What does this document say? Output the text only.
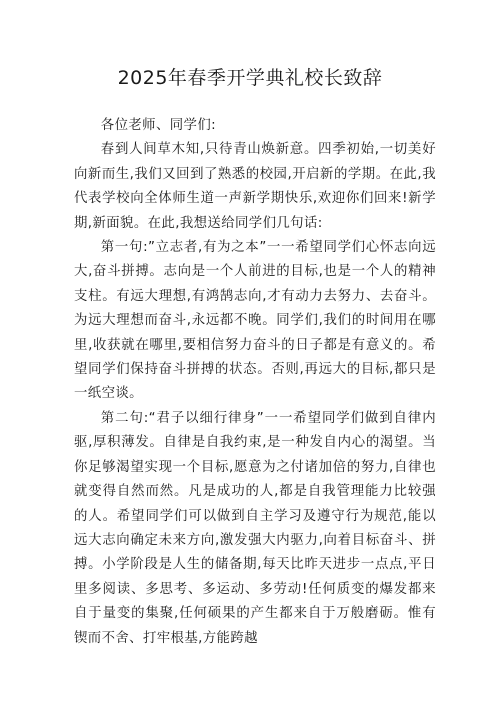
2025年春季开学典礼校长致辞

各位老师、同学们:

春到人间草木知,只待青山焕新意。四季初始,一切美好向新而生,我们又回到了熟悉的校园,开启新的学期。在此,我代表学校向全体师生道一声新学期快乐,欢迎你们回来!新学期,新面貌。在此,我想送给同学们几句话:

第一句:”立志者,有为之本”一一希望同学们心怀志向远大,奋斗拼搏。志向是一个人前进的目标,也是一个人的精神支柱。有远大理想,有鸿鹄志向,才有动力去努力、去奋斗。为远大理想而奋斗,永远都不晚。同学们,我们的时间用在哪里,收获就在哪里,要相信努力奋斗的日子都是有意义的。希望同学们保持奋斗拼搏的状态。否则,再远大的目标,都只是一纸空谈。

第二句:“君子以细行律身”一一希望同学们做到自律内驱,厚积薄发。自律是自我约束,是一种发自内心的渴望。当你足够渴望实现一个目标,愿意为之付诸加倍的努力,自律也就变得自然而然。凡是成功的人,都是自我管理能力比较强的人。希望同学们可以做到自主学习及遵守行为规范,能以远大志向确定未来方向,激发强大内驱力,向着目标奋斗、拼搏。小学阶段是人生的储备期,每天比昨天进步一点点,平日里多阅读、多思考、多运动、多劳动!任何质变的爆发都来自于量变的集聚,任何硕果的产生都来自于万般磨砺。惟有锲而不舍、打牢根基,方能跨越
